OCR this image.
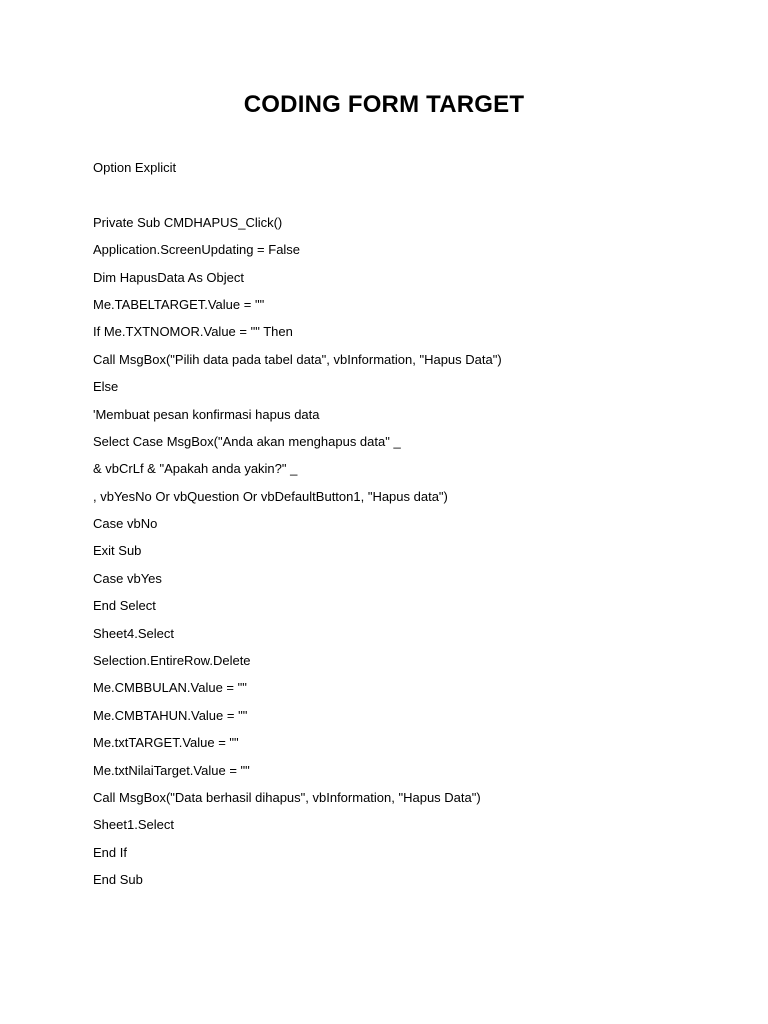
CODING FORM TARGET
Option Explicit
Private Sub CMDHAPUS_Click()
Application.ScreenUpdating = False
Dim HapusData As Object
Me.TABELTARGET.Value = ""
If Me.TXTNOMOR.Value = "" Then
Call MsgBox("Pilih data pada tabel data", vbInformation, "Hapus Data")
Else
'Membuat pesan konfirmasi hapus data
Select Case MsgBox("Anda akan menghapus data" _
& vbCrLf & "Apakah anda yakin?" _
, vbYesNo Or vbQuestion Or vbDefaultButton1, "Hapus data")
Case vbNo
Exit Sub
Case vbYes
End Select
Sheet4.Select
Selection.EntireRow.Delete
Me.CMBBULAN.Value = ""
Me.CMBTAHUN.Value = ""
Me.txtTARGET.Value = ""
Me.txtNilaiTarget.Value = ""
Call MsgBox("Data berhasil dihapus", vbInformation, "Hapus Data")
Sheet1.Select
End If
End Sub
